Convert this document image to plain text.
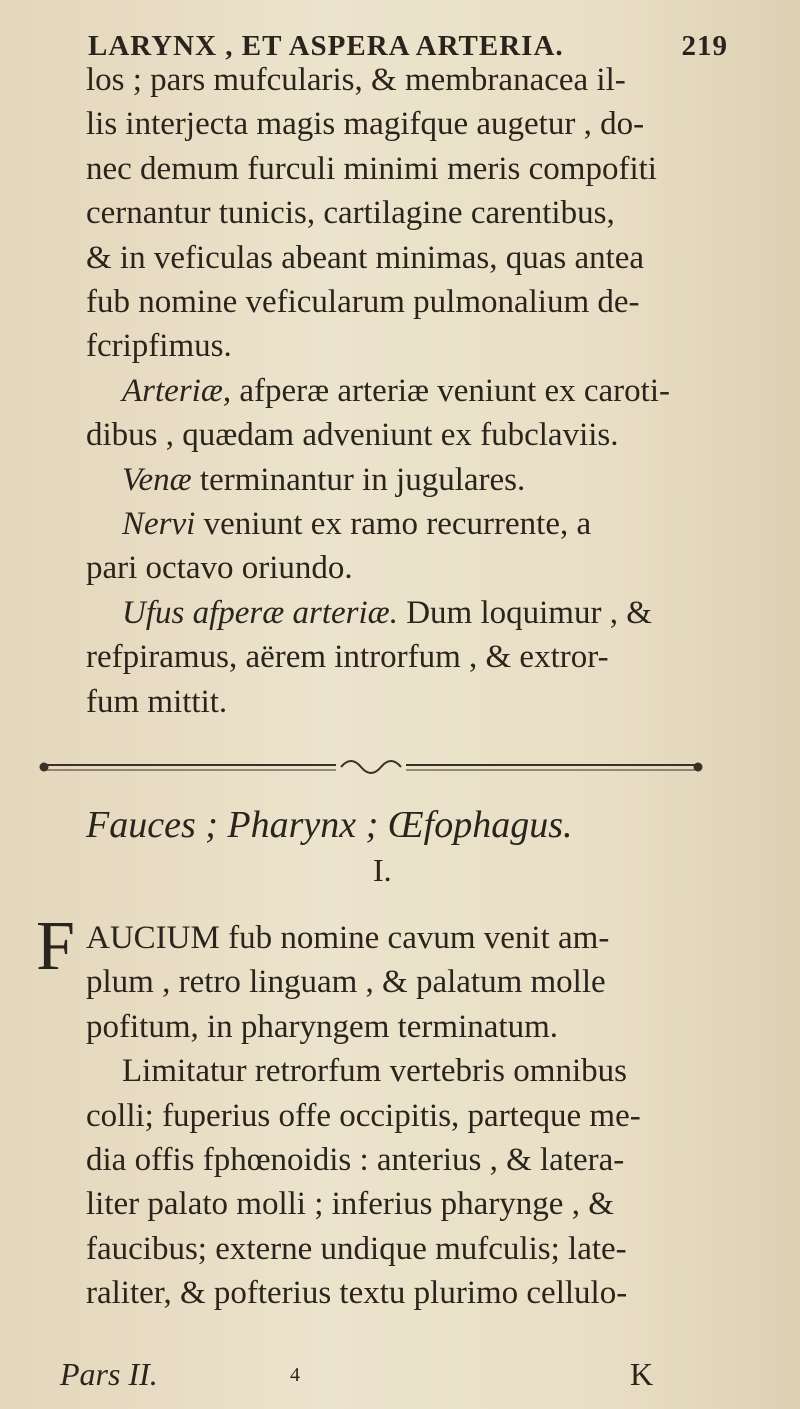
LARYNX , ET ASPERA ARTERIA.	219
los ; pars mufcularis, & membranacea il-
lis interjecta magis magifque augetur , do-
nec demum furculi minimi meris compofiti
cernantur tunicis, cartilagine carentibus,
& in veficulas abeant minimas, quas antea
fub nomine veficularum pulmonalium de-
fcripfimus.
Arteriæ, afperæ arteriæ veniunt ex caroti-
dibus , quædam adveniunt ex fubclaviis.
Venæ terminantur in jugulares.
Nervi veniunt ex ramo recurrente, a
pari octavo oriundo.
Ufus afperæ arteriæ. Dum loquimur , &
refpiramus, aërem introrfum , & extror-
fum mittit.
Fauces ; Pharynx ; Œfophagus.
I.
F AUCIUM fub nomine cavum venit am-
plum , retro linguam , & palatum molle
pofitum, in pharyngem terminatum.
Limitatur retrorfum vertebris omnibus
colli; fuperius offe occipitis, parteque me-
dia offis fphœnoidis : anterius , & latera-
liter palato molli ; inferius pharynge , &
faucibus; externe undique mufculis; late-
raliter, & pofterius textu plurimo cellulo-
Pars II.	4	K
